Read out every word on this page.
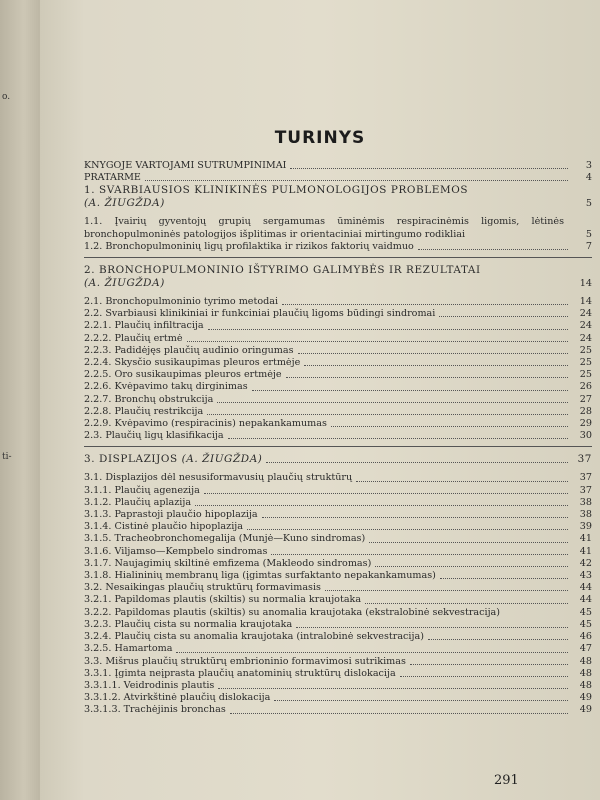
o.
ti-
TURINYS
KNYGOJE VARTOJAMI SUTRUMPINIMAI	3
PRATARME	4
1. SVARBIAUSIOS KLINIKINĖS PULMONOLOGIJOS PROBLEMOS
(A. ŽIUGŽDA)	5
1.1. Įvairių gyventojų grupių sergamumas ūminėmis respiracinėmis ligomis, lėtinės bronchopulmoninės patologijos išplitimas ir orientaciniai mirtingumo rodikliai	5
1.2. Bronchopulmoninių ligų profilaktika ir rizikos faktorių vaidmuo	7
2. BRONCHOPULMONINIO IŠTYRIMO GALIMYBĖS IR REZULTATAI
(A. ŽIUGŽDA)	14
2.1. Bronchopulmoninio tyrimo metodai	14
2.2. Svarbiausi klinikiniai ir funkciniai plaučių ligoms būdingi sindromai	24
2.2.1. Plaučių infiltracija	24
2.2.2. Plaučių ertmė	24
2.2.3. Padidėjęs plaučių audinio oringumas	25
2.2.4. Skysčio susikaupimas pleuros ertmėje	25
2.2.5. Oro susikaupimas pleuros ertmėje	25
2.2.6. Kvėpavimo takų dirginimas	26
2.2.7. Bronchų obstrukcija	27
2.2.8. Plaučių restrikcija	28
2.2.9. Kvėpavimo (respiracinis) nepakankamumas	29
2.3. Plaučių ligų klasifikacija	30
3. DISPLAZIJOS (A. ŽIUGŽDA)	37
3.1. Displazijos dėl nesusiformavusių plaučių struktūrų	37
3.1.1. Plaučių agenezija	37
3.1.2. Plaučių aplazija	38
3.1.3. Paprastoji plaučio hipoplazija	38
3.1.4. Cistinė plaučio hipoplazija	39
3.1.5. Tracheobronchomegalija (Munjė—Kuno sindromas)	41
3.1.6. Viljamso—Kempbelo sindromas	41
3.1.7. Naujagimių skiltinė emfizema (Makleodo sindromas)	42
3.1.8. Hialininių membranų liga (įgimtas surfaktanto nepakankamumas)	43
3.2. Nesaikingas plaučių struktūrų formavimasis	44
3.2.1. Papildomas plautis (skiltis) su normalia kraujotaka	44
3.2.2. Papildomas plautis (skiltis) su anomalia kraujotaka (ekstralobinė sekvestracija)	45
3.2.3. Plaučių cista su normalia kraujotaka	45
3.2.4. Plaučių cista su anomalia kraujotaka (intralobinė sekvestracija)	46
3.2.5. Hamartoma	47
3.3. Mišrus plaučių struktūrų embrioninio formavimosi sutrikimas	48
3.3.1. Įgimta neįprasta plaučių anatominių struktūrų dislokacija	48
3.3.1.1. Veidrodinis plautis	48
3.3.1.2. Atvirkštinė plaučių dislokacija	49
3.3.1.3. Trachėjinis bronchas	49
291
